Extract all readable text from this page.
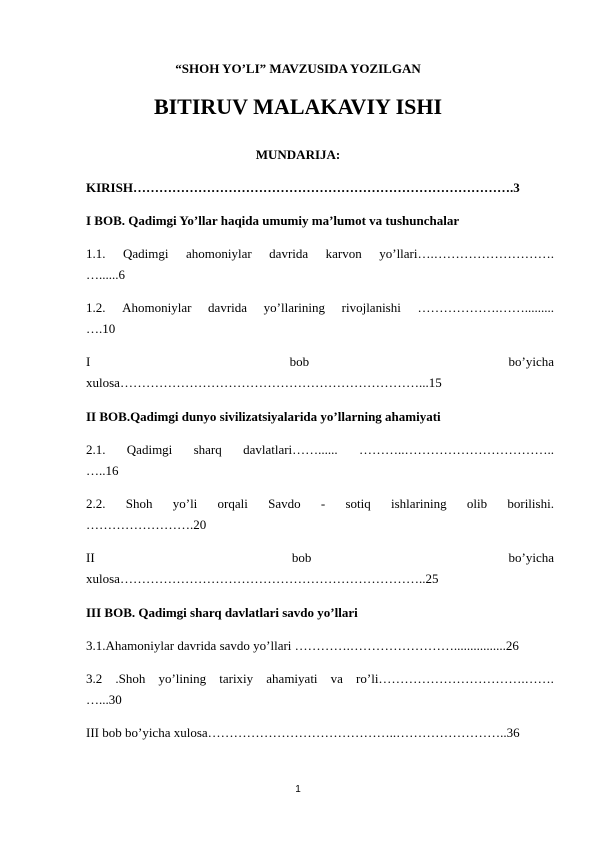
“SHOH YO’LI” MAVZUSIDA YOZILGAN
BITIRUV MALAKAVIY ISHI
MUNDARIJA:
KIRISH…………………………………………………………………………….3
I BOB. Qadimgi Yo’llar haqida umumiy ma’lumot va tushunchalar
1.1. Qadimgi ahomoniylar davrida karvon yo’llari….……………………….
…......6
1.2. Ahomoniylar davrida yo’llarining rivojlanishi ……………….…….........
….10
I	bob	bo’yicha
xulosa……………………………………………………………...15
II BOB.Qadimgi dunyo sivilizatsiyalarida yo’llarning ahamiyati
2.1. Qadimgi sharq davlatlari……...... ………..……………………………..
…..16
2.2. Shoh yo’li orqali Savdo - sotiq ishlarining olib borilishi.
…………………….20
II	bob	bo’yicha
xulosa……………………………………………………………..25
III BOB. Qadimgi sharq davlatlari savdo yo’llari
3.1.Ahamoniylar davrida savdo yo’llari ………….……………………................26
3.2 .Shoh yo’lining tarixiy ahamiyati va ro’li…………………………….…….
…...30
III bob bo’yicha xulosa……………………………………..……………………..36
1
